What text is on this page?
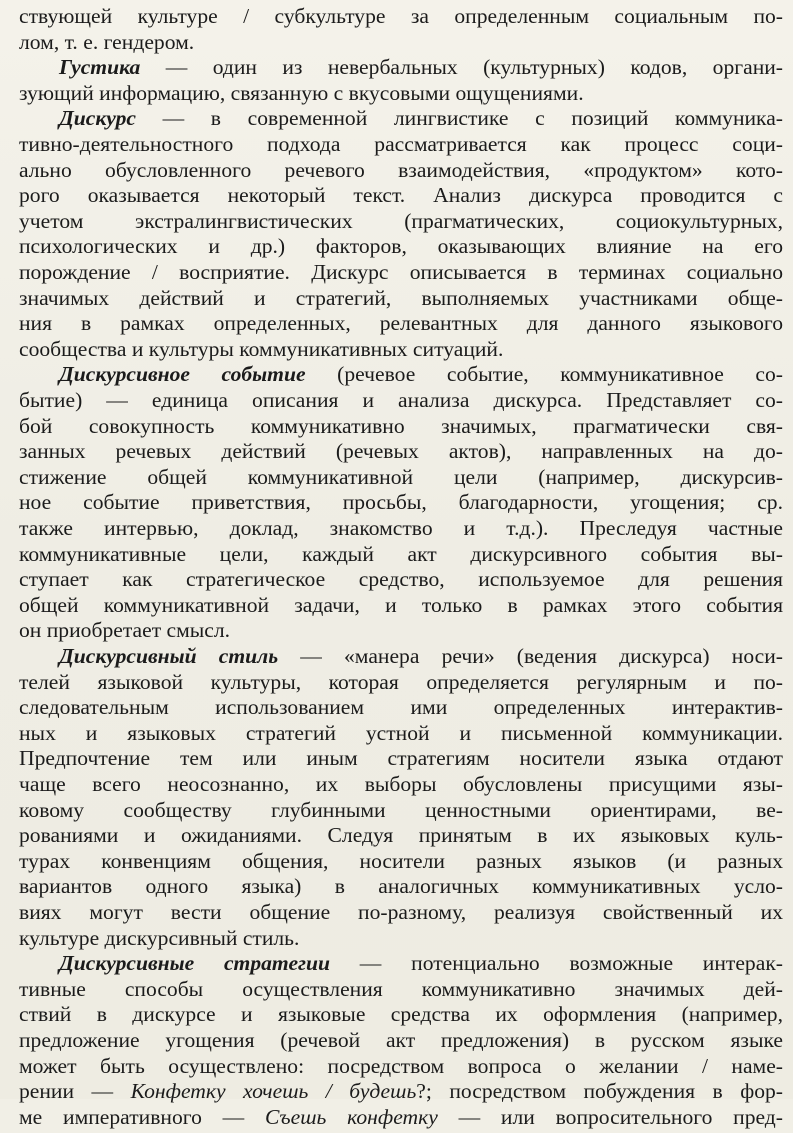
ствующей культуре / субкультуре за определенным социальным по-
лом, т. е. гендером.
Густика — один из невербальных (культурных) кодов, органи-
зующий информацию, связанную с вкусовыми ощущениями.
Дискурс — в современной лингвистике с позиций коммуника-
тивно-деятельностного подхода рассматривается как процесс соци-
ально обусловленного речевого взаимодействия, «продуктом» кото-
рого оказывается некоторый текст. Анализ дискурса проводится с
учетом экстралингвистических (прагматических, социокультурных,
психологических и др.) факторов, оказывающих влияние на его
порождение / восприятие. Дискурс описывается в терминах социально
значимых действий и стратегий, выполняемых участниками обще-
ния в рамках определенных, релевантных для данного языкового
сообщества и культуры коммуникативных ситуаций.
Дискурсивное событие (речевое событие, коммуникативное со-
бытие) — единица описания и анализа дискурса. Представляет со-
бой совокупность коммуникативно значимых, прагматически свя-
занных речевых действий (речевых актов), направленных на до-
стижение общей коммуникативной цели (например, дискурсив-
ное событие приветствия, просьбы, благодарности, угощения; ср.
также интервью, доклад, знакомство и т.д.). Преследуя частные
коммуникативные цели, каждый акт дискурсивного события вы-
ступает как стратегическое средство, используемое для решения
общей коммуникативной задачи, и только в рамках этого события
он приобретает смысл.
Дискурсивный стиль — «манера речи» (ведения дискурса) носи-
телей языковой культуры, которая определяется регулярным и по-
следовательным использованием ими определенных интерактив-
ных и языковых стратегий устной и письменной коммуникации.
Предпочтение тем или иным стратегиям носители языка отдают
чаще всего неосознанно, их выборы обусловлены присущими язы-
ковому сообществу глубинными ценностными ориентирами, ве-
рованиями и ожиданиями. Следуя принятым в их языковых куль-
турах конвенциям общения, носители разных языков (и разных
вариантов одного языка) в аналогичных коммуникативных усло-
виях могут вести общение по-разному, реализуя свойственный их
культуре дискурсивный стиль.
Дискурсивные стратегии — потенциально возможные интерак-
тивные способы осуществления коммуникативно значимых дей-
ствий в дискурсе и языковые средства их оформления (например,
предложение угощения (речевой акт предложения) в русском языке
может быть осуществлено: посредством вопроса о желании / наме-
рении — Конфетку хочешь / будешь?; посредством побуждения в фор-
ме императивного — Съешь конфетку — или вопросительного пред-
